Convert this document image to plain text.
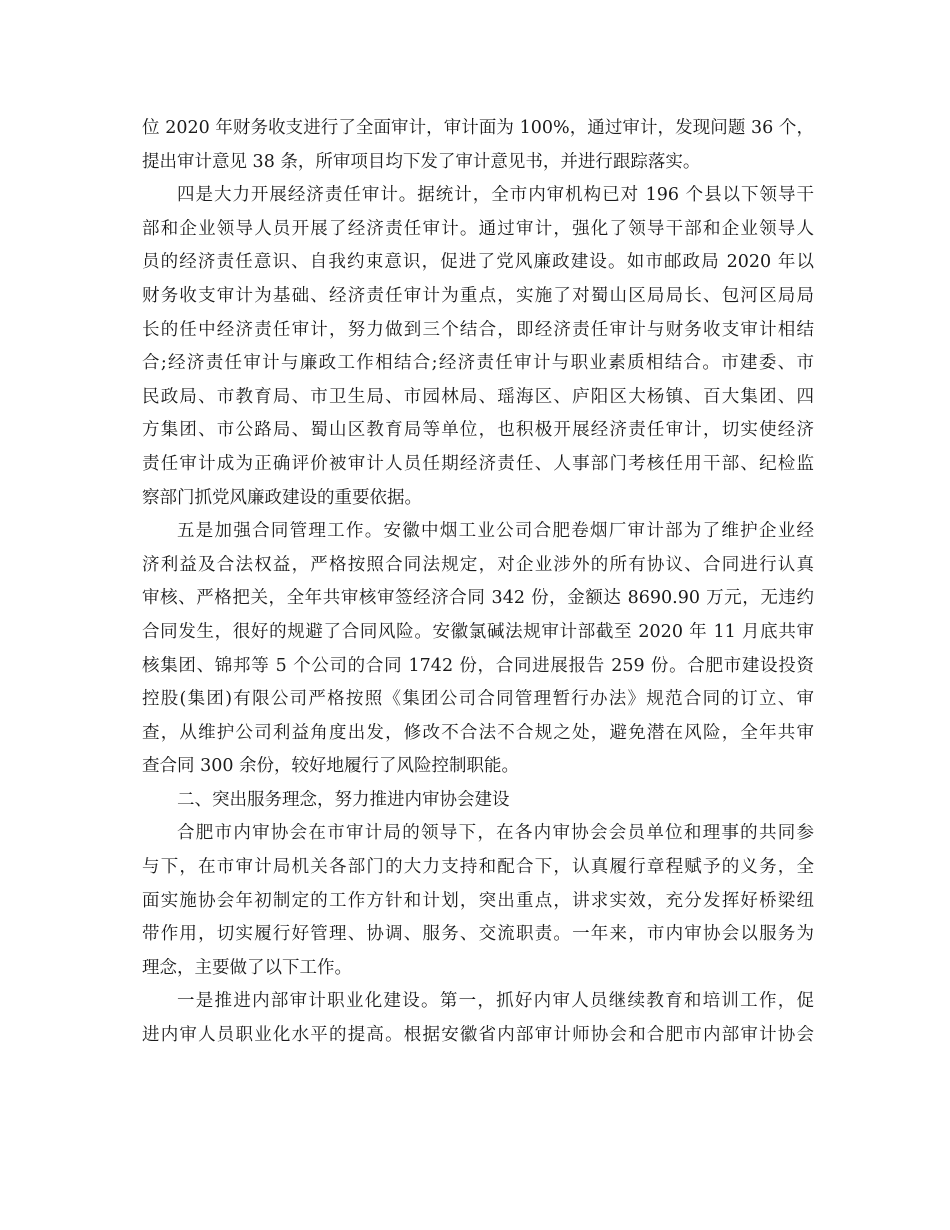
位 2020 年财务收支进行了全面审计，审计面为 100%，通过审计，发现问题 36 个，
提出审计意见 38 条，所审项目均下发了审计意见书，并进行跟踪落实。
四是大力开展经济责任审计。据统计，全市内审机构已对 196 个县以下领导干
部和企业领导人员开展了经济责任审计。通过审计，强化了领导干部和企业领导人
员的经济责任意识、自我约束意识，促进了党风廉政建设。如市邮政局 2020 年以
财务收支审计为基础、经济责任审计为重点，实施了对蜀山区局局长、包河区局局
长的任中经济责任审计，努力做到三个结合，即经济责任审计与财务收支审计相结
合;经济责任审计与廉政工作相结合;经济责任审计与职业素质相结合。市建委、市
民政局、市教育局、市卫生局、市园林局、瑶海区、庐阳区大杨镇、百大集团、四
方集团、市公路局、蜀山区教育局等单位，也积极开展经济责任审计，切实使经济
责任审计成为正确评价被审计人员任期经济责任、人事部门考核任用干部、纪检监
察部门抓党风廉政建设的重要依据。
五是加强合同管理工作。安徽中烟工业公司合肥卷烟厂审计部为了维护企业经
济利益及合法权益，严格按照合同法规定，对企业涉外的所有协议、合同进行认真
审核、严格把关，全年共审核审签经济合同 342 份，金额达 8690.90 万元，无违约
合同发生，很好的规避了合同风险。安徽氯碱法规审计部截至 2020 年 11 月底共审
核集团、锦邦等 5 个公司的合同 1742 份，合同进展报告 259 份。合肥市建设投资
控股(集团)有限公司严格按照《集团公司合同管理暂行办法》规范合同的订立、审
查，从维护公司利益角度出发，修改不合法不合规之处，避免潜在风险，全年共审
查合同 300 余份，较好地履行了风险控制职能。
二、突出服务理念，努力推进内审协会建设
合肥市内审协会在市审计局的领导下，在各内审协会会员单位和理事的共同参
与下，在市审计局机关各部门的大力支持和配合下，认真履行章程赋予的义务，全
面实施协会年初制定的工作方针和计划，突出重点，讲求实效，充分发挥好桥梁纽
带作用，切实履行好管理、协调、服务、交流职责。一年来，市内审协会以服务为
理念，主要做了以下工作。
一是推进内部审计职业化建设。第一，抓好内审人员继续教育和培训工作，促
进内审人员职业化水平的提高。根据安徽省内部审计师协会和合肥市内部审计协会
